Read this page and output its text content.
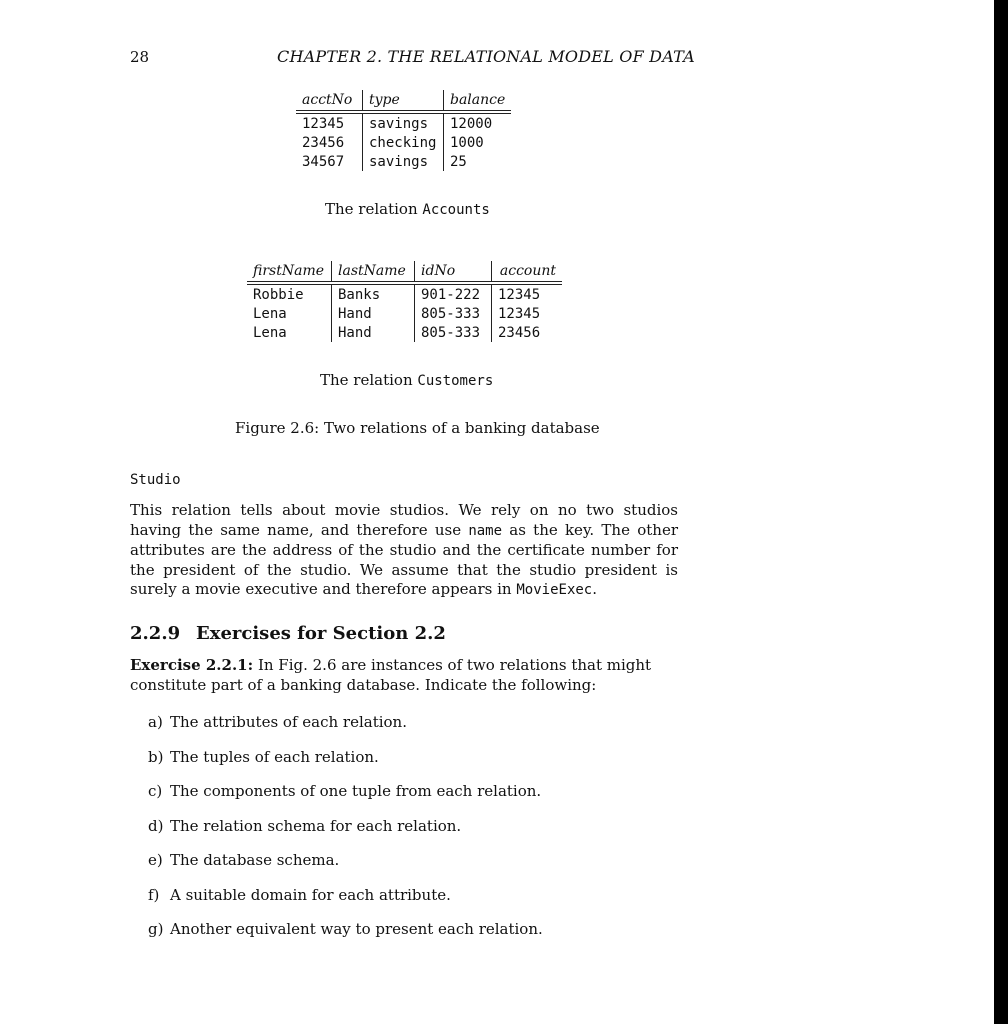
28	CHAPTER 2. THE RELATIONAL MODEL OF DATA
acctNo	type	balance
12345	savings	12000
23456	checking	1000
34567	savings	25
The relation Accounts
firstName	lastName	idNo	account
Robbie	Banks	901-222	12345
Lena	Hand	805-333	12345
Lena	Hand	805-333	23456
The relation Customers
Figure 2.6: Two relations of a banking database
Studio
This relation tells about movie studios. We rely on no two studios having the same name, and therefore use name as the key. The other attributes are the address of the studio and the certificate number for the president of the studio. We assume that the studio president is surely a movie executive and therefore appears in MovieExec.
2.2.9 Exercises for Section 2.2
Exercise 2.2.1: In Fig. 2.6 are instances of two relations that might constitute part of a banking database. Indicate the following:
a) The attributes of each relation.
b) The tuples of each relation.
c) The components of one tuple from each relation.
d) The relation schema for each relation.
e) The database schema.
f) A suitable domain for each attribute.
g) Another equivalent way to present each relation.
